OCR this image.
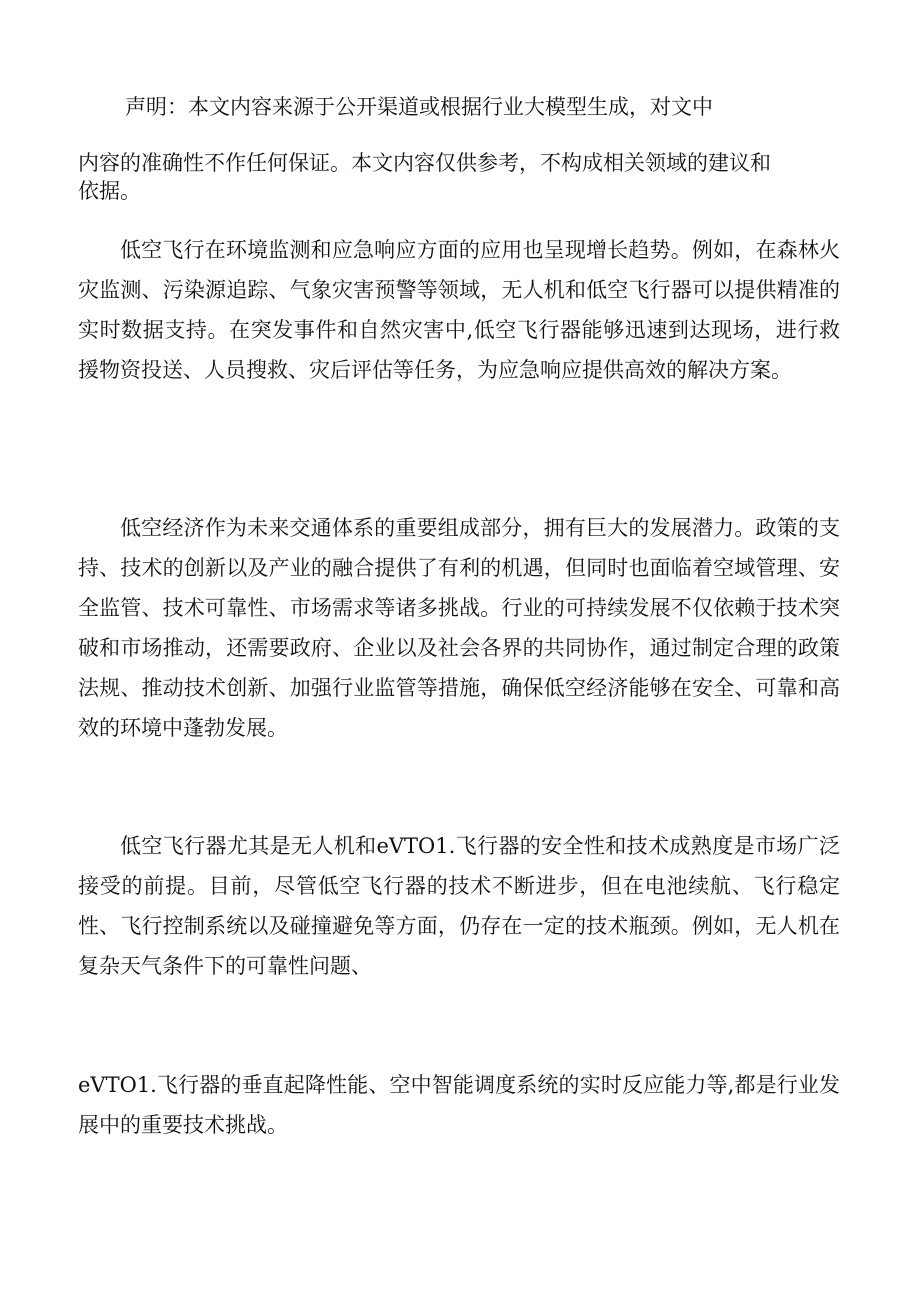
声明：本文内容来源于公开渠道或根据行业大模型生成，对文中

内容的准确性不作任何保证。本文内容仅供参考，不构成相关领域的建议和

依据。

低空飞行在环境监测和应急响应方面的应用也呈现增长趋势。例如，在森林火灾监测、污染源追踪、气象灾害预警等领域，无人机和低空飞行器可以提供精准的实时数据支持。在突发事件和自然灾害中,低空飞行器能够迅速到达现场，进行救援物资投送、人员搜救、灾后评估等任务，为应急响应提供高效的解决方案。

低空经济作为未来交通体系的重要组成部分，拥有巨大的发展潜力。政策的支持、技术的创新以及产业的融合提供了有利的机遇，但同时也面临着空域管理、安全监管、技术可靠性、市场需求等诸多挑战。行业的可持续发展不仅依赖于技术突破和市场推动，还需要政府、企业以及社会各界的共同协作，通过制定合理的政策法规、推动技术创新、加强行业监管等措施，确保低空经济能够在安全、可靠和高效的环境中蓬勃发展。

低空飞行器尤其是无人机和eVTO1.飞行器的安全性和技术成熟度是市场广泛接受的前提。目前，尽管低空飞行器的技术不断进步，但在电池续航、飞行稳定性、飞行控制系统以及碰撞避免等方面，仍存在一定的技术瓶颈。例如，无人机在复杂天气条件下的可靠性问题、

eVTO1.飞行器的垂直起降性能、空中智能调度系统的实时反应能力等,都是行业发展中的重要技术挑战。
